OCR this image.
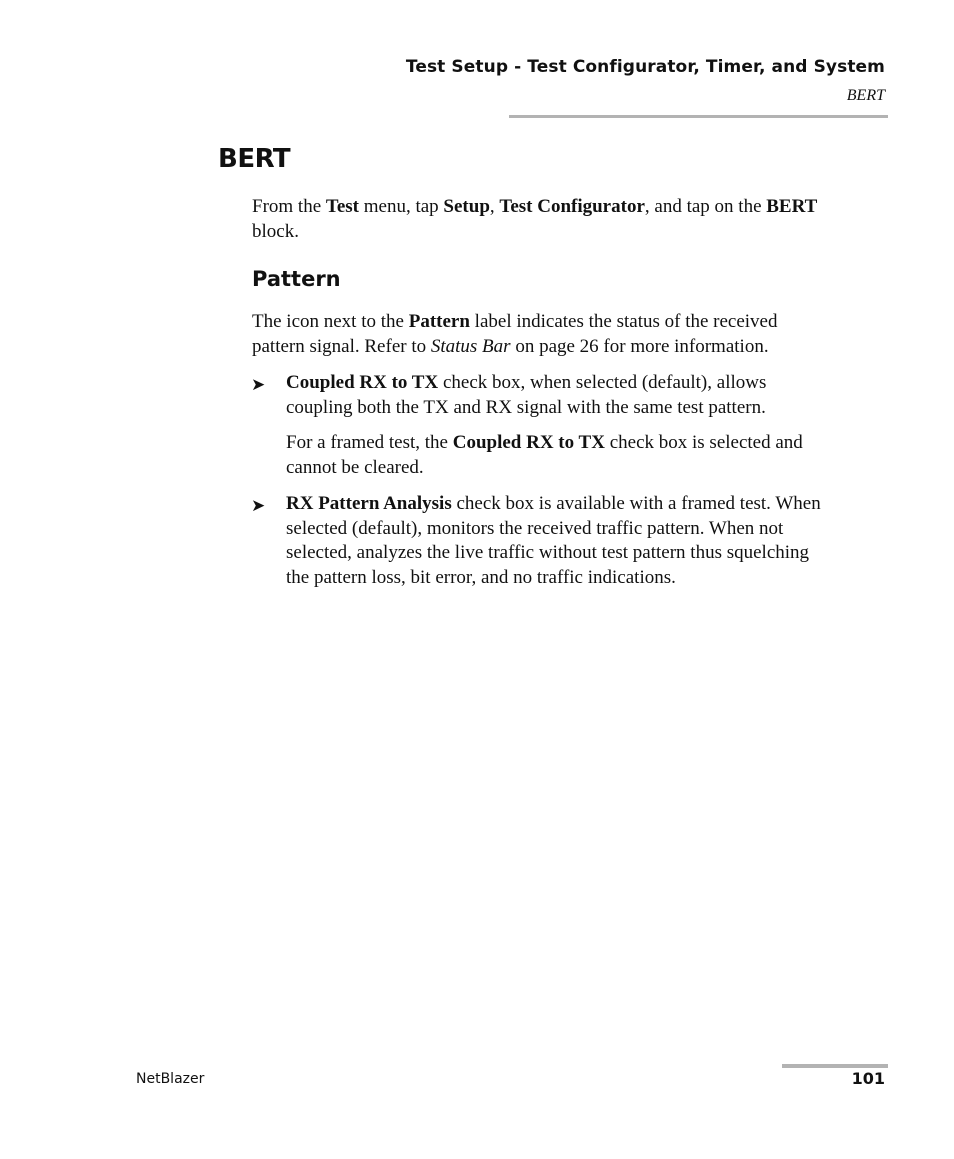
Test Setup - Test Configurator, Timer, and System
BERT
BERT
From the Test menu, tap Setup, Test Configurator, and tap on the BERT
block.
Pattern
The icon next to the Pattern label indicates the status of the received
pattern signal. Refer to Status Bar on page 26 for more information.
➤ Coupled RX to TX check box, when selected (default), allows
coupling both the TX and RX signal with the same test pattern.
For a framed test, the Coupled RX to TX check box is selected and
cannot be cleared.
➤ RX Pattern Analysis check box is available with a framed test. When
selected (default), monitors the received traffic pattern. When not
selected, analyzes the live traffic without test pattern thus squelching
the pattern loss, bit error, and no traffic indications.
NetBlazer	101
